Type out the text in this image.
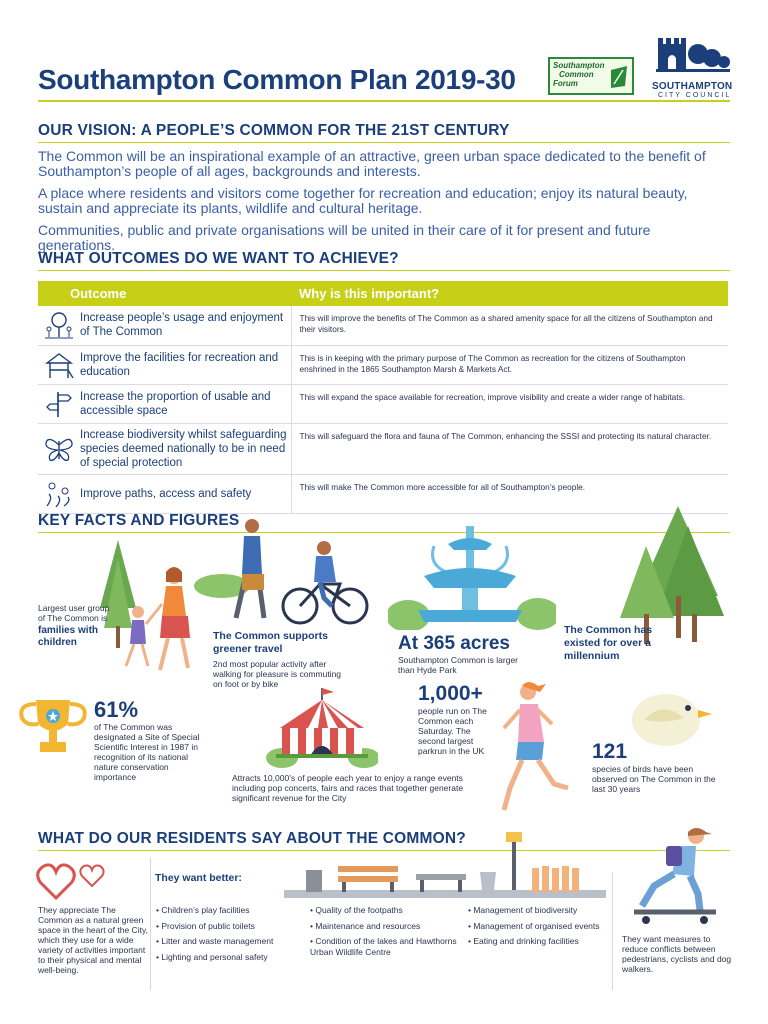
Southampton Common Plan 2019-30	Southampton
Common
Forum	SOUTHAMPTON
CITY COUNCIL
OUR VISION: A PEOPLE’S COMMON FOR THE 21ST CENTURY

The Common will be an inspirational example of an attractive, green urban space dedicated to the benefit of Southampton’s people of all ages, backgrounds and interests.

A place where residents and visitors come together for recreation and education; enjoy its natural beauty, sustain and appreciate its plants, wildlife and cultural heritage.

Communities, public and private organisations will be united in their care of it for present and future generations.

WHAT OUTCOMES DO WE WANT TO ACHIEVE?
Outcome	Why is this important?

Increase people’s usage and enjoyment of The Common	This will improve the benefits of The Common as a shared amenity space for all the citizens of Southampton and their visitors.

Improve the facilities for recreation and education	This is in keeping with the primary purpose of The Common as recreation for the citizens of Southampton enshrined in the 1865 Southampton Marsh & Markets Act.

Increase the proportion of usable and accessible space	This will expand the space available for recreation, improve visibility and create a wider range of habitats.

Increase biodiversity whilst safeguarding species deemed nationally to be in need of special protection	This will safeguard the flora and fauna of The Common, enhancing the SSSI and protecting its natural character.

Improve paths, access and safety	This will make The Common more accessible for all of Southampton’s people.
KEY FACTS AND FIGURES
Largest user group of The Common is
families with children
The Common supports greener travel
2nd most popular activity after walking for pleasure is commuting on foot or by bike
At 365 acres
Southampton Common is larger than Hyde Park
The Common has existed for over a millennium
61%
of The Common was designated a Site of Special Scientific Interest in 1987 in recognition of its national nature conservation importance	Attracts 10,000’s of people each year to enjoy a range events including pop concerts, fairs and races that together generate significant revenue for the City
1,000+
people run on The Common each Saturday. The second largest parkrun in the UK	121
species of birds have been observed on The Common in the last 30 years
WHAT DO OUR RESIDENTS SAY ABOUT THE COMMON?
They appreciate The Common as a natural green space in the heart of the City, which they use for a wide variety of activities important to their physical and mental well-being.
They want better:
• Children’s play facilities
• Provision of public toilets
• Litter and waste management
• Lighting and personal safety
• Quality of the footpaths
• Maintenance and resources
• Condition of the lakes and Hawthorns Urban Wildlife Centre
• Management of biodiversity
• Management of organised events
• Eating and drinking facilities	They want measures to reduce conflicts between pedestrians, cyclists and dog walkers.
